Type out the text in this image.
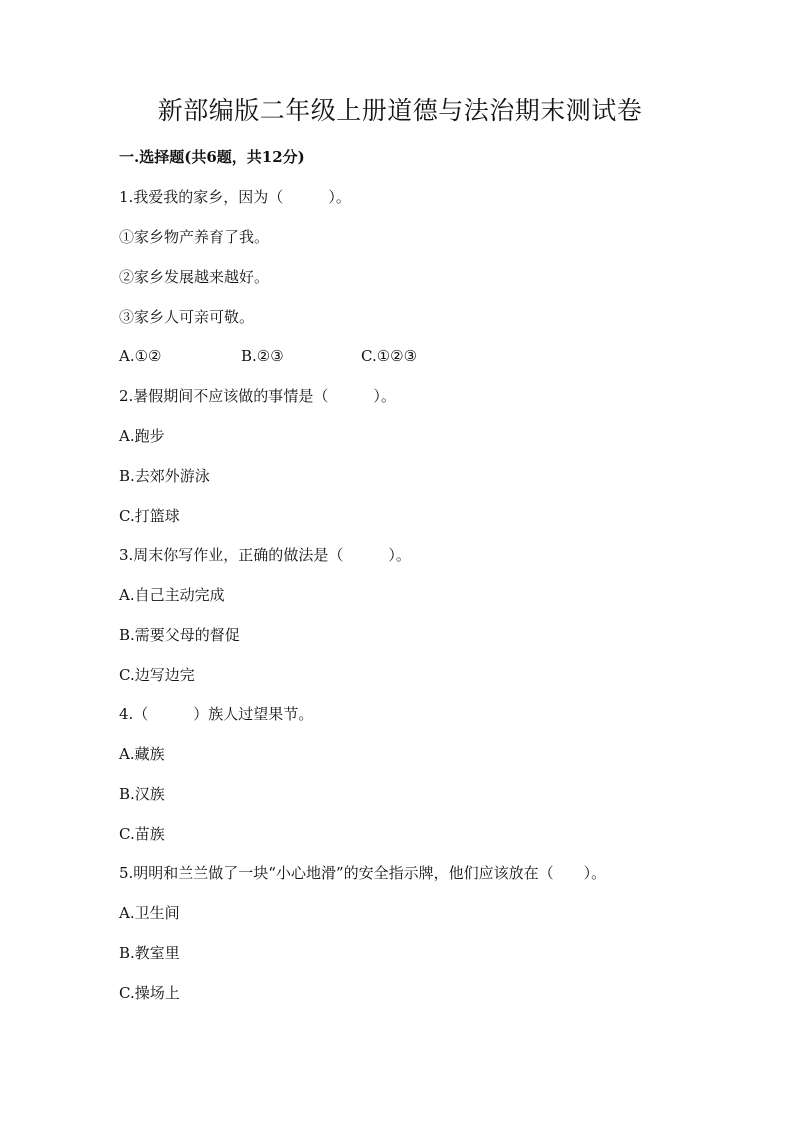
新部编版二年级上册道德与法治期末测试卷
一.选择题(共6题，共12分)
1.我爱我的家乡，因为（　　　）。
①家乡物产养育了我。
②家乡发展越来越好。
③家乡人可亲可敬。
A.①②	B.②③	C.①②③
2.暑假期间不应该做的事情是（　　　）。
A.跑步
B.去郊外游泳
C.打篮球
3.周末你写作业，正确的做法是（　　　）。
A.自己主动完成
B.需要父母的督促
C.边写边完
4.（　　　）族人过望果节。
A.藏族
B.汉族
C.苗族
5.明明和兰兰做了一块“小心地滑”的安全指示牌，他们应该放在（　　）。
A.卫生间
B.教室里
C.操场上
